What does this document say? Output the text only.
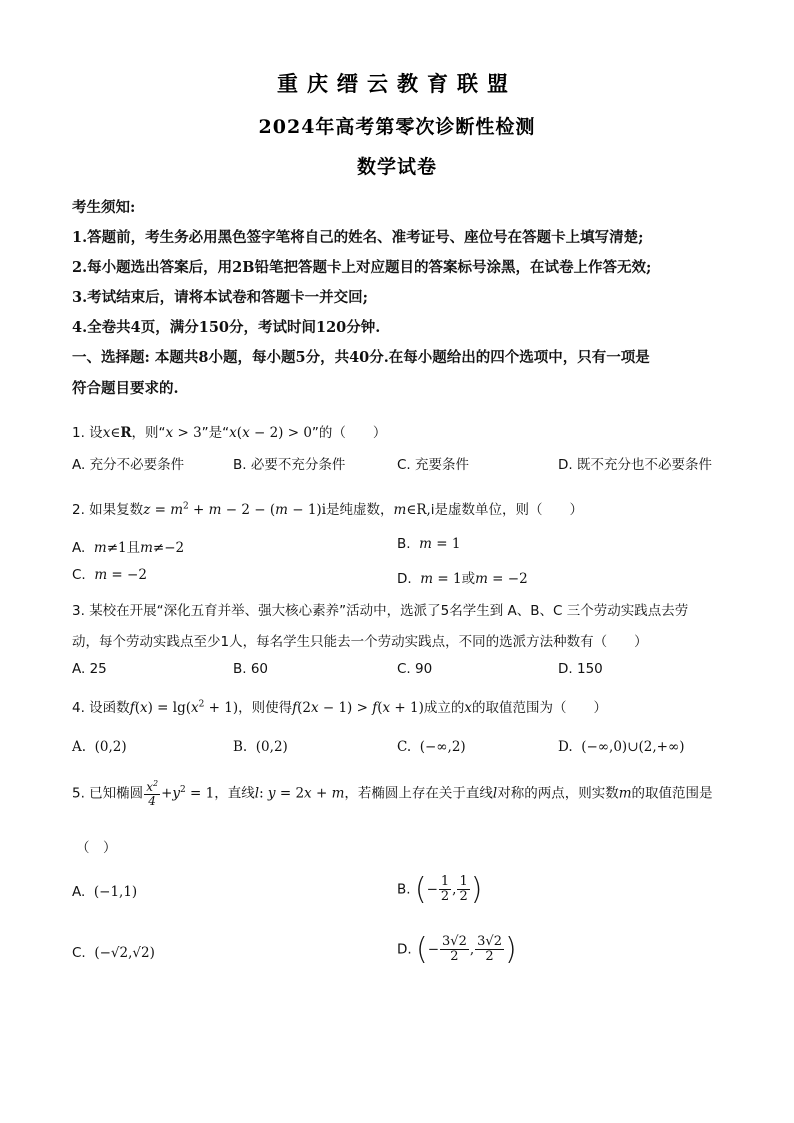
重庆缙云教育联盟
2024年高考第零次诊断性检测
数学试卷
考生须知:
1.答题前，考生务必用黑色签字笔将自己的姓名、准考证号、座位号在答题卡上填写清楚;
2.每小题选出答案后，用2B铅笔把答题卡上对应题目的答案标号涂黑，在试卷上作答无效;
3.考试结束后，请将本试卷和答题卡一并交回;
4.全卷共4页，满分150分，考试时间120分钟.
一、选择题: 本题共8小题，每小题5分，共40分.在每小题给出的四个选项中，只有一项是
符合题目要求的.
1. 设x∈R，则“x > 3”是“x(x − 2) > 0”的（　　）
A. 充分不必要条件	B. 必要不充分条件	C. 充要条件	D. 既不充分也不必要条件
2. 如果复数$z = m^2 + m - 2 - (m - 1)i$是纯虚数，m∈R,i是虚数单位，则（　　）
A. m≠1且m≠−2	B. m = 1
C. m = −2	D. m = 1或m = −2
3. 某校在开展“深化五育并举、强大核心素养”活动中，选派了5名学生到 A、B、C 三个劳动实践点去劳
动，每个劳动实践点至少1人，每名学生只能去一个劳动实践点，不同的选派方法种数有（　　）
A. 25	B. 60	C. 90	D. 150
4. 设函数$f(x) = \lg(x^2 + 1)$，则使得f(2x − 1) > f(x + 1)成立的x的取值范围为（　　）
A.  (0,2)	B.  (0,2)	C.  (−∞,2)	D.  (−∞,0)∪(2,+∞)
5. 已知椭圆 $\frac{x^2}{4} +y^2 = 1$，直线l: y = 2x + m，若椭圆上存在关于直线l对称的两点，则实数m的取值范围是
（　）
A.  (−1,1)	B. (− $\frac{1}{2}$ , $\frac{1}{2}$ )
C.  (−√2,√2)	D. (− $\frac{3√2}{2}$ , $\frac{3√2}{2}$ )
